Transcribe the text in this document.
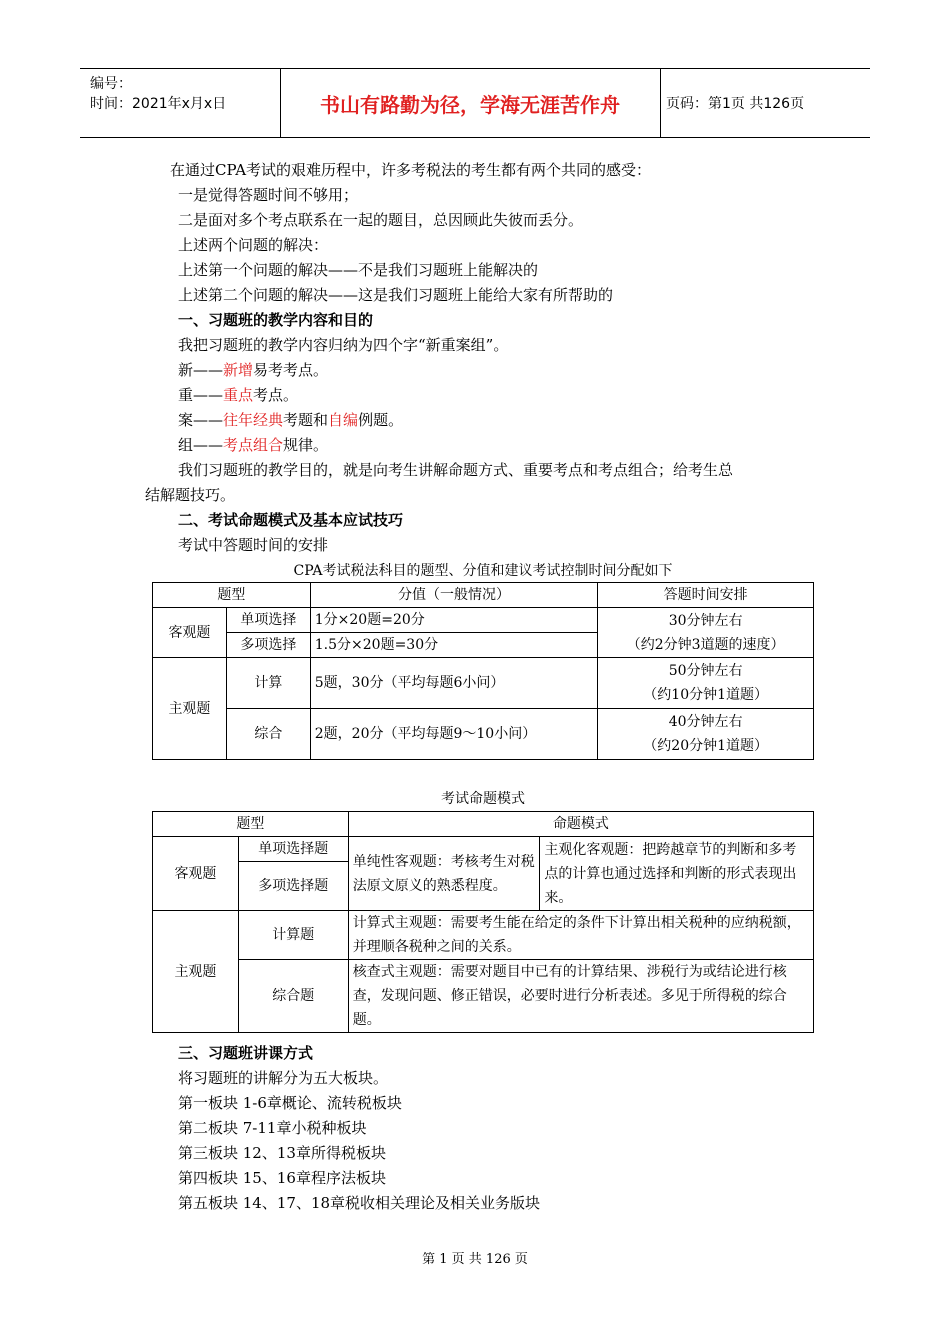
编号：
时间：2021年x月x日	书山有路勤为径，学海无涯苦作舟	页码：第1页 共126页
在通过CPA考试的艰难历程中，许多考税法的考生都有两个共同的感受：
一是觉得答题时间不够用；
二是面对多个考点联系在一起的题目，总因顾此失彼而丢分。
上述两个问题的解决：
上述第一个问题的解决——不是我们习题班上能解决的
上述第二个问题的解决——这是我们习题班上能给大家有所帮助的
一、习题班的教学内容和目的
我把习题班的教学内容归纳为四个字“新重案组”。
新——新增易考考点。
重——重点考点。
案——往年经典考题和自编例题。
组——考点组合规律。
我们习题班的教学目的，就是向考生讲解命题方式、重要考点和考点组合；给考生总
结解题技巧。
二、考试命题模式及基本应试技巧
考试中答题时间的安排
CPA考试税法科目的题型、分值和建议考试控制时间分配如下
题型		分值（一般情况）	答题时间安排
客观题	单项选择	1分×20题=20分	30分钟左右
（约2分钟3道题的速度）

	多项选择	1.5分×20题=30分	
主观题	计算	5题，30分（平均每题6小问）	50分钟左右
（约10分钟1道题）

	综合	2题，20分（平均每题9～10小问）	40分钟左右
（约20分钟1道题）
考试命题模式
题型		命题模式	
客观题	单项选择题	单纯性客观题：考核考生对税法原文原义的熟悉程度。	主观化客观题：把跨越章节的判断和多考点的计算也通过选择和判断的形式表现出来。
	多项选择题		
主观题	计算题	计算式主观题：需要考生能在给定的条件下计算出相关税种的应纳税额，并理顺各税种之间的关系。	
	综合题	核查式主观题：需要对题目中已有的计算结果、涉税行为或结论进行核查，发现问题、修正错误，必要时进行分析表述。多见于所得税的综合题。	
三、习题班讲课方式
将习题班的讲解分为五大板块。
第一板块 1-6章概论、流转税板块
第二板块 7-11章小税种板块
第三板块 12、13章所得税板块
第四板块 15、16章程序法板块
第五板块 14、17、18章税收相关理论及相关业务版块
第 1 页 共 126 页
